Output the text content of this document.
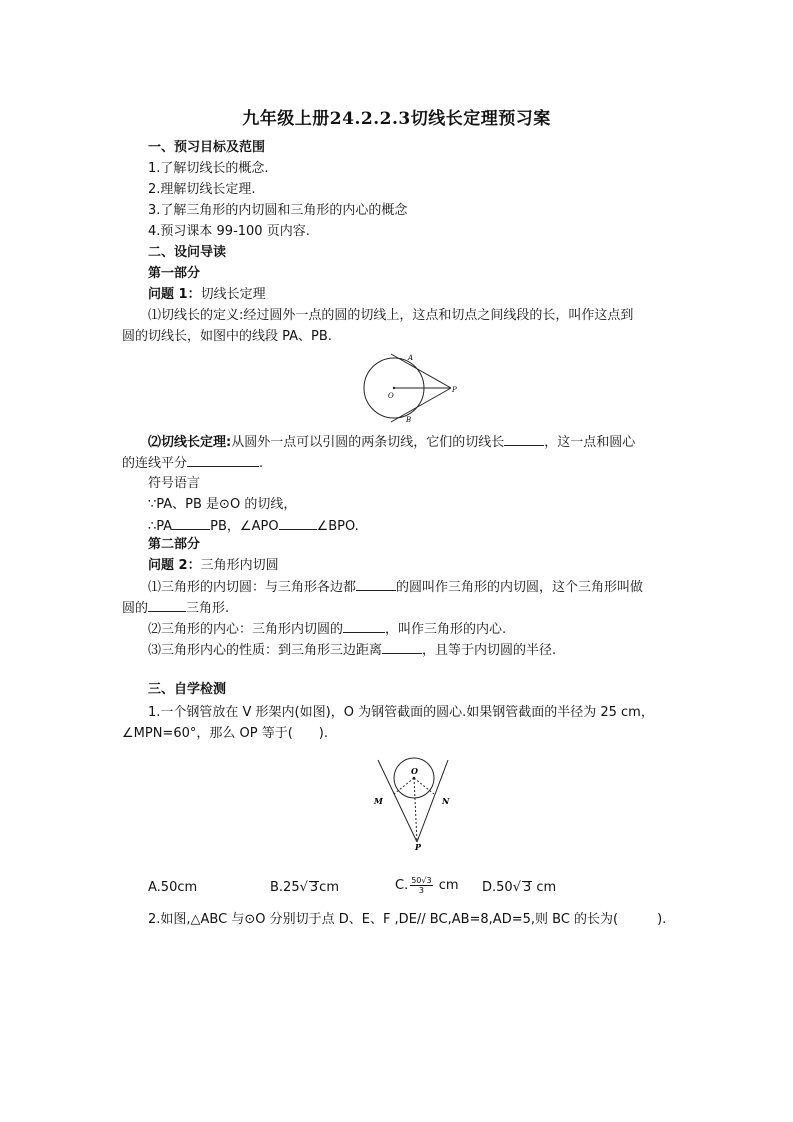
九年级上册24.2.2.3切线长定理预习案
一、预习目标及范围
1.了解切线长的概念.
2.理解切线长定理.
3.了解三角形的内切圆和三角形的内心的概念
4.预习课本 99-100 页内容.
二、设问导读
第一部分
问题 1：切线长定理
⑴切线长的定义:经过圆外一点的圆的切线上，这点和切点之间线段的长，叫作这点到
圆的切线长，如图中的线段 PA、PB.
A
O
P
B
⑵切线长定理:从圆外一点可以引圆的两条切线，它们的切线长	，这一点和圆心
的连线平分	.
符号语言
∵PA、PB 是⊙O 的切线，
∴PA	PB，∠APO	∠BPO.
第二部分
问题 2：三角形内切圆
⑴三角形的内切圆：与三角形各边都	的圆叫作三角形的内切圆，这个三角形叫做
圆的	三角形.
⑵三角形的内心：三角形内切圆的	，叫作三角形的内心.
⑶三角形内心的性质：到三角形三边距离	，且等于内切圆的半径.
三、自学检测
1.一个钢管放在 V 形架内(如图)，O 为钢管截面的圆心.如果钢管截面的半径为 25 cm，
∠MPN=60°，那么 OP 等于(　　).
O
M	N
P
A.50cm	B.25√ 3cm	C. $\frac{50√3}{3}$ cm D.50√ 3 cm
2.如图,△ABC 与⊙O 分别切于点 D、E、F ,DE// BC,AB=8,AD=5,则 BC 的长为(　　　).
